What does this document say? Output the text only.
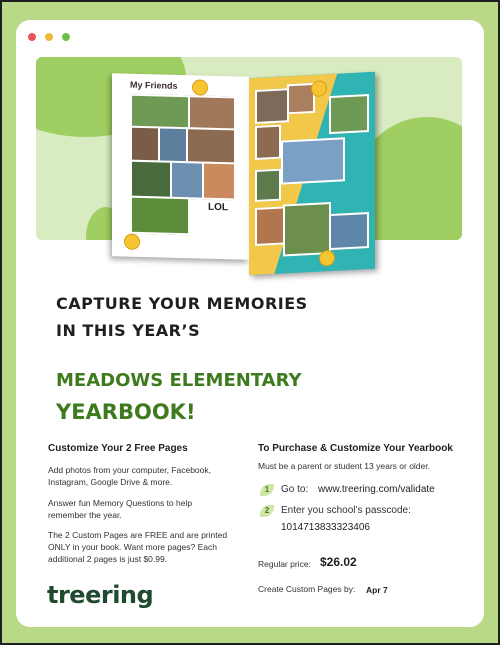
My Friends
LOL
CAPTURE YOUR MEMORIES
IN THIS YEAR’S
MEADOWS ELEMENTARY
YEARBOOK!
Customize Your 2 Free Pages
Add photos from your computer, Facebook, Instagram, Google Drive & more.
Answer fun Memory Questions to help remember the year.
The 2 Custom Pages are FREE and are printed ONLY in your book. Want more pages? Each additional 2 pages is just $0.99.
To Purchase & Customize Your Yearbook
Must be a parent or student 13 years or older.
1	Go to: www.treering.com/validate
2	Enter you school’s passcode:
1014713833323406
Regular price: $26.02
Create Custom Pages by: Apr 7
treering
